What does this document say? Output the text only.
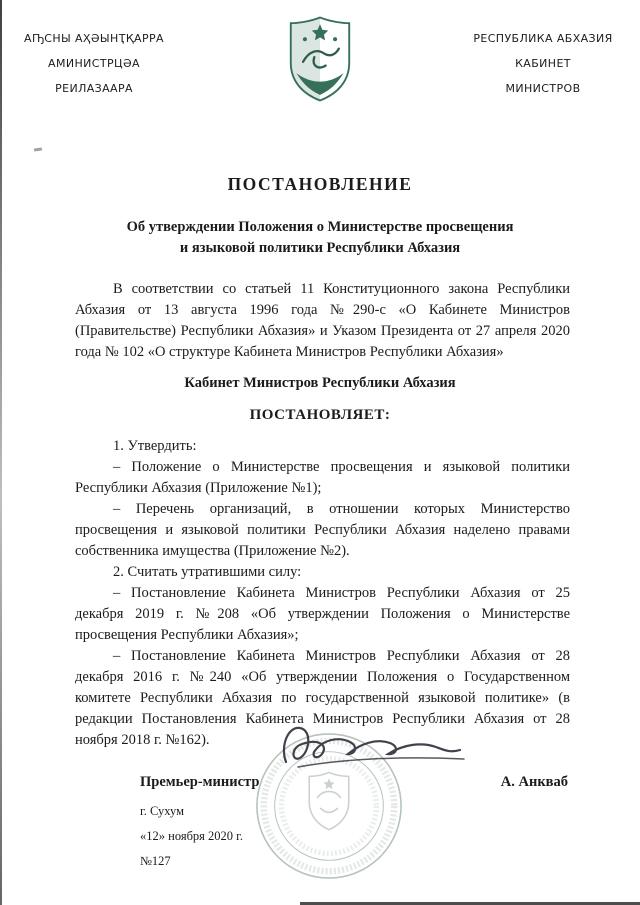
АҦСНЫ АҲӘЫНҬҚАРРА
АМИНИСТРЦӘА
РЕИЛАЗААРА
РЕСПУБЛИКА АБХАЗИЯ
КАБИНЕТ
МИНИСТРОВ
ПОСТАНОВЛЕНИЕ
Об утверждении Положения о Министерстве просвещения
и языковой политики Республики Абхазия

В соответствии со статьей 11 Конституционного закона Республики Абхазия от 13 августа 1996 года №290-с «О Кабинете Министров (Правительстве) Республики Абхазия» и Указом Президента от 27 апреля 2020 года № 102 «О структуре Кабинета Министров Республики Абхазия»

Кабинет Министров Республики Абхазия
ПОСТАНОВЛЯЕТ:

1. Утвердить:

– Положение о Министерстве просвещения и языковой политики Республики Абхазия (Приложение №1);

– Перечень организаций, в отношении которых Министерство просвещения и языковой политики Республики Абхазия наделено правами собственника имущества (Приложение №2).

2. Считать утратившими силу:

– Постановление Кабинета Министров Республики Абхазия от 25 декабря 2019 г. №208 «Об утверждении Положения о Министерстве просвещения Республики Абхазия»;

– Постановление Кабинета Министров Республики Абхазия от 28 декабря 2016 г. №240 «Об утверждении Положения о Государственном комитете Республики Абхазия по государственной языковой политике» (в редакции Постановления Кабинета Министров Республики Абхазия от 28 ноября 2018 г. №162).

Премьер-министр	А. Анкваб
г. Сухум
«12» ноября 2020 г.
№127
